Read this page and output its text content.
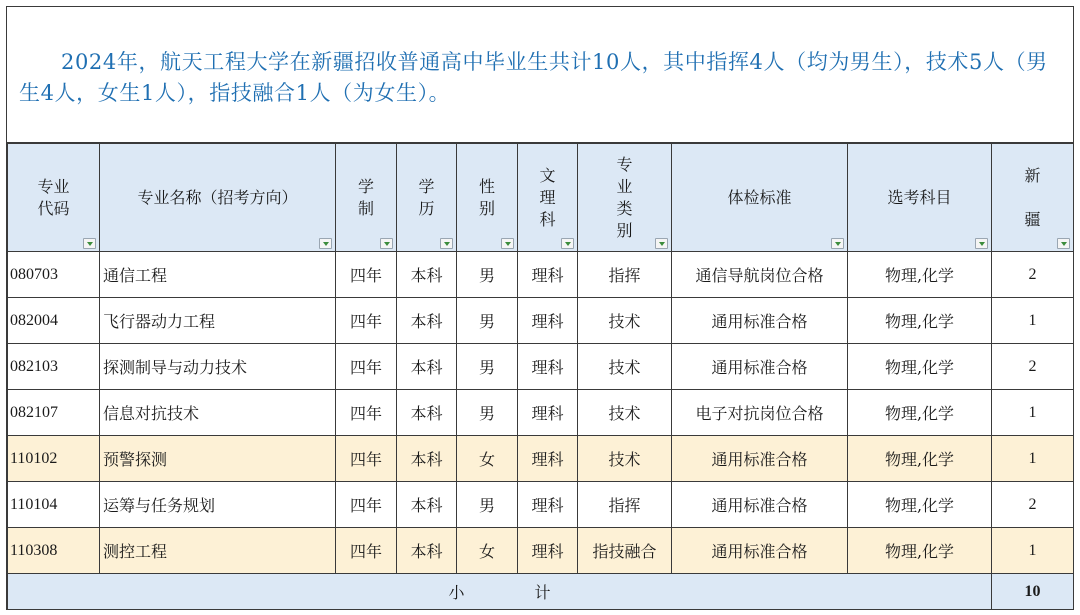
2024年，航天工程大学在新疆招收普通高中毕业生共计10人，其中指挥4人（均为男生），技术5人（男生4人，女生1人），指技融合1人（为女生）。
专业代码	专业名称（招考方向）	学制	学历	性别	文理科	专业类别	体检标准	选考科目	新疆

080703	通信工程	四年	本科	男	理科	指挥	通信导航岗位合格	物理,化学	2
082004	飞行器动力工程	四年	本科	男	理科	技术	通用标准合格	物理,化学	1
082103	探测制导与动力技术	四年	本科	男	理科	技术	通用标准合格	物理,化学	2
082107	信息对抗技术	四年	本科	男	理科	技术	电子对抗岗位合格	物理,化学	1
110102	预警探测	四年	本科	女	理科	技术	通用标准合格	物理,化学	1
110104	运筹与任务规划	四年	本科	男	理科	指挥	通用标准合格	物理,化学	2
110308	测控工程	四年	本科	女	理科	指技融合	通用标准合格	物理,化学	1
小 计									10
